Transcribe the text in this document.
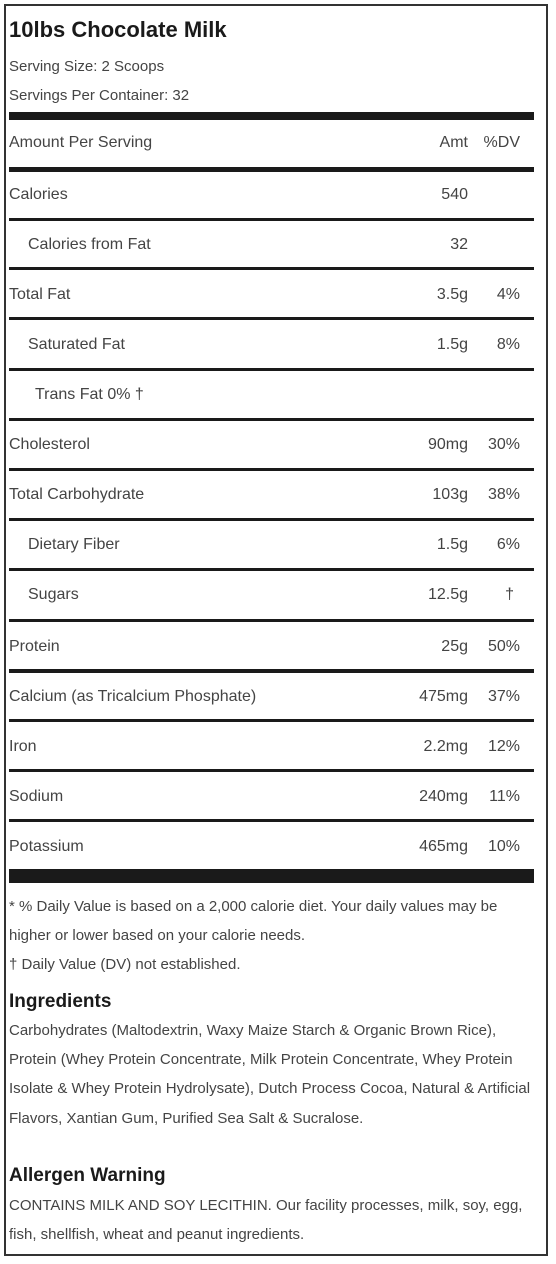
10lbs Chocolate Milk
Serving Size: 2 Scoops
Servings Per Container: 32
Amount Per Serving	Amt %DV
Calories	540
Calories from Fat	32
Total Fat	3.5g 4%
Saturated Fat	1.5g 8%
Trans Fat 0% †
Cholesterol	90mg 30%
Total Carbohydrate	103g 38%
Dietary Fiber	1.5g 6%
Sugars	12.5g †
Protein	25g 50%
Calcium (as Tricalcium Phosphate)	475mg 37%
Iron	2.2mg 12%
Sodium	240mg 11%
Potassium	465mg 10%
* % Daily Value is based on a 2,000 calorie diet. Your daily values may be higher or lower based on your calorie needs.
† Daily Value (DV) not established.
Ingredients
Carbohydrates (Maltodextrin, Waxy Maize Starch & Organic Brown Rice), Protein (Whey Protein Concentrate, Milk Protein Concentrate, Whey Protein Isolate & Whey Protein Hydrolysate), Dutch Process Cocoa, Natural & Artificial Flavors, Xantian Gum, Purified Sea Salt & Sucralose.
Allergen Warning
CONTAINS MILK AND SOY LECITHIN. Our facility processes, milk, soy, egg, fish, shellfish, wheat and peanut ingredients.
